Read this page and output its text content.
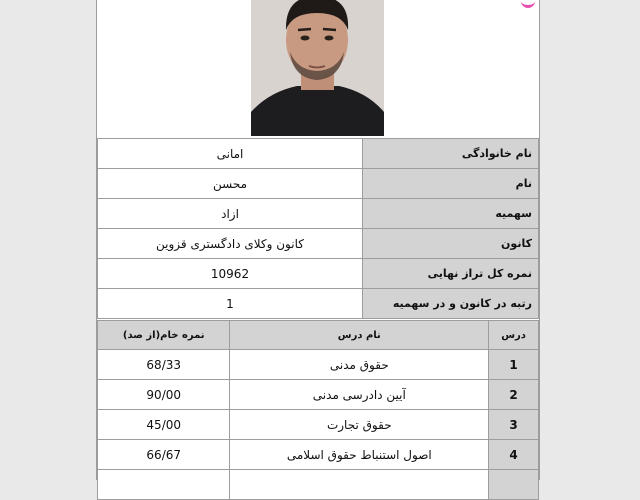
نام خانوادگی	امانی
نام	محسن
سهمیه	ازاد
کانون	کانون وکلای دادگستری قزوین
نمره کل تراز نهایی	10962
رتبه در کانون و در سهمیه	1
درس	نام درس	نمره خام(از صد)
1	حقوق مدنی	68/33
2	آیین دادرسی مدنی	90/00
3	حقوق تجارت	45/00
4	اصول استنباط حقوق اسلامی	66/67
